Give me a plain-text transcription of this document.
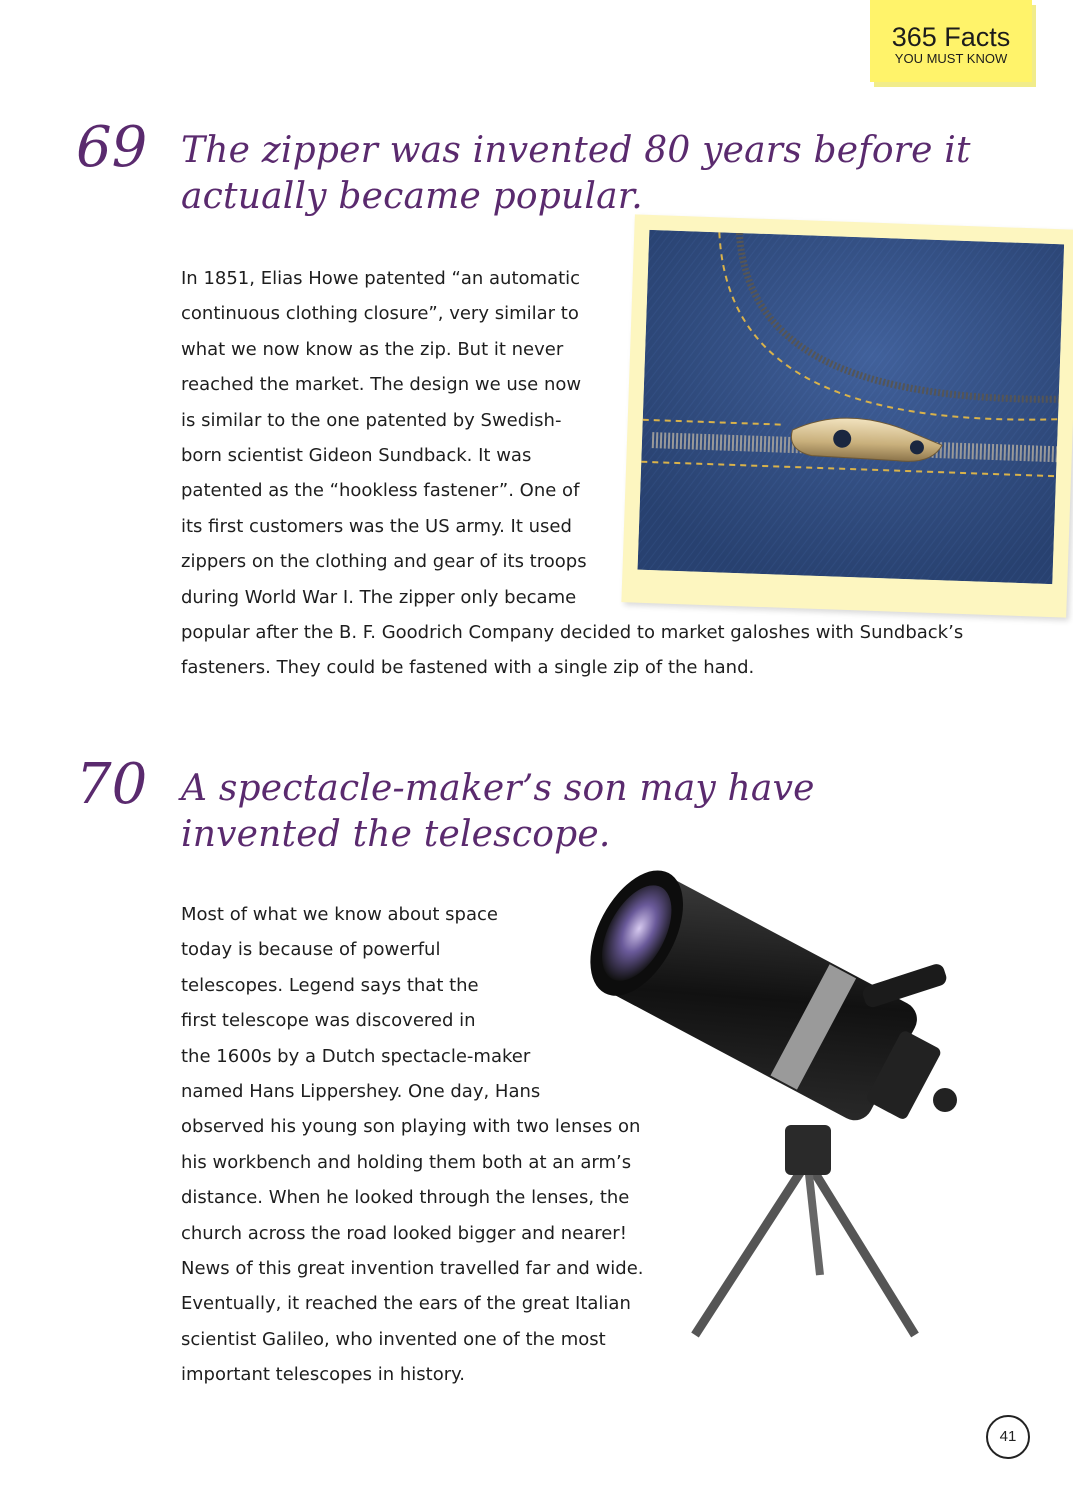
365 Facts
YOU MUST KNOW
69 The zipper was invented 80 years before it
actually became popular.
In 1851, Elias Howe patented “an automatic
continuous clothing closure”, very similar to
what we now know as the zip. But it never
reached the market. The design we use now
is similar to the one patented by Swedish-
born scientist Gideon Sundback. It was
patented as the “hookless fastener”. One of
its first customers was the US army. It used
zippers on the clothing and gear of its troops
during World War I. The zipper only became
popular after the B. F. Goodrich Company decided to market galoshes with Sundback’s
fasteners. They could be fastened with a single zip of the hand.
70 A spectacle-maker’s son may have
invented the telescope.
Most of what we know about space
today is because of powerful
telescopes. Legend says that the
first telescope was discovered in
the 1600s by a Dutch spectacle-maker
named Hans Lippershey. One day, Hans
observed his young son playing with two lenses on
his workbench and holding them both at an arm’s
distance. When he looked through the lenses, the
church across the road looked bigger and nearer!
News of this great invention travelled far and wide.
Eventually, it reached the ears of the great Italian
scientist Galileo, who invented one of the most
important telescopes in history.
41
